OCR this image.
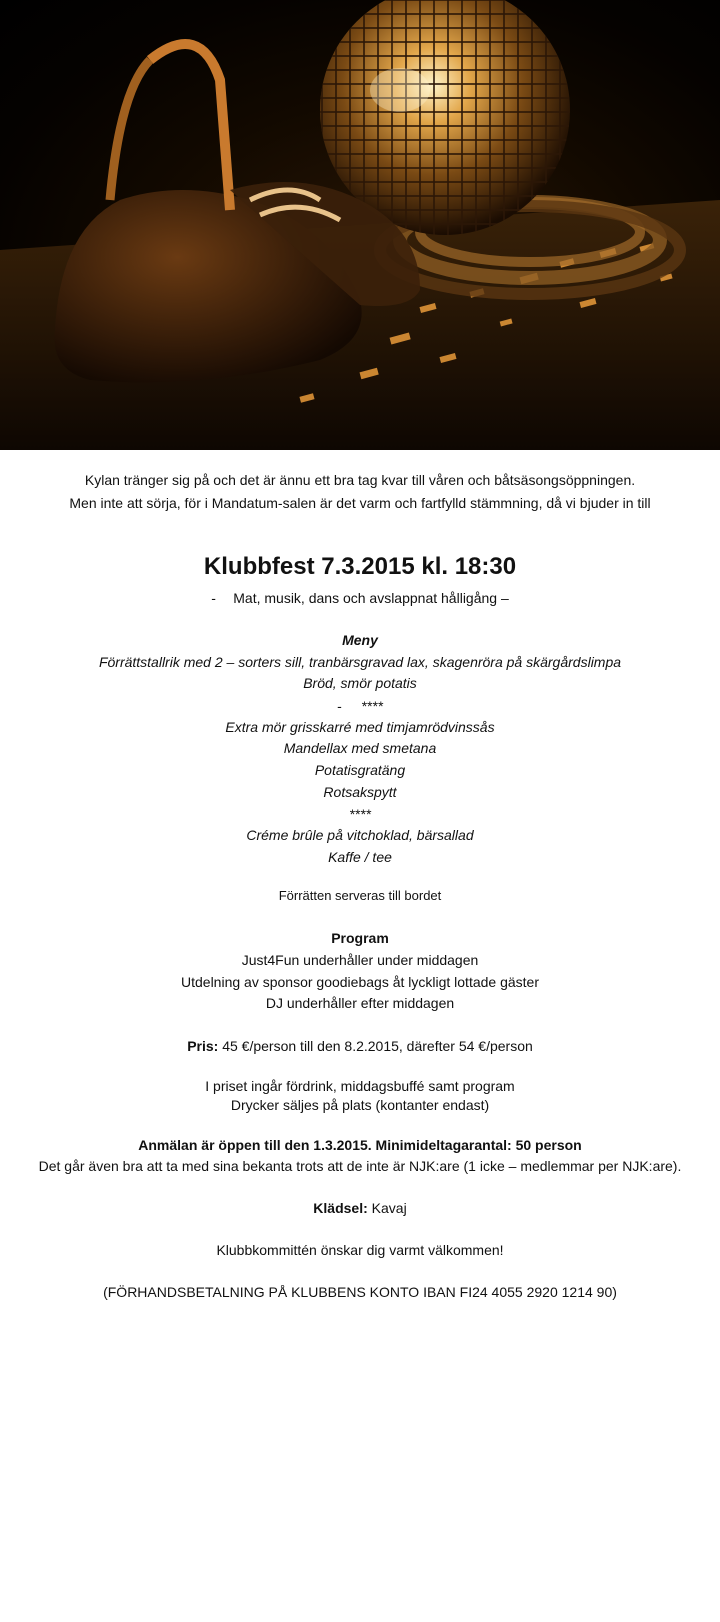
Kylan tränger sig på och det är ännu ett bra tag kvar till våren och båtsäsongsöppningen.

Men inte att sörja, för i Mandatum-salen är det varm och fartfylld stämmning, då vi bjuder in till

Klubbfest 7.3.2015 kl. 18:30
- Mat, musik, dans och avslappnat hålligång –
Meny
Förrättstallrik med 2 – sorters sill, tranbärsgravad lax, skagenröra på skärgårdslimpa
Bröd, smör potatis
- ****
Extra mör grisskarré med timjamrödvinssås
Mandellax med smetana
Potatisgratäng
Rotsakspytt
****
Créme brûle på vitchoklad, bärsallad
Kaffe / tee
Förrätten serveras till bordet
Program
Just4Fun underhåller under middagen
Utdelning av sponsor goodiebags åt lyckligt lottade gäster
DJ underhåller efter middagen
Pris: 45 €/person till den 8.2.2015, därefter 54 €/person
I priset ingår fördrink, middagsbuffé samt program
Drycker säljes på plats (kontanter endast)
Anmälan är öppen till den 1.3.2015. Minimideltagarantal: 50 person
Det går även bra att ta med sina bekanta trots att de inte är NJK:are (1 icke – medlemmar per NJK:are).
Klädsel: Kavaj
Klubbkommittén önskar dig varmt välkommen!
(FÖRHANDSBETALNING PÅ KLUBBENS KONTO IBAN FI24 4055 2920 1214 90)
